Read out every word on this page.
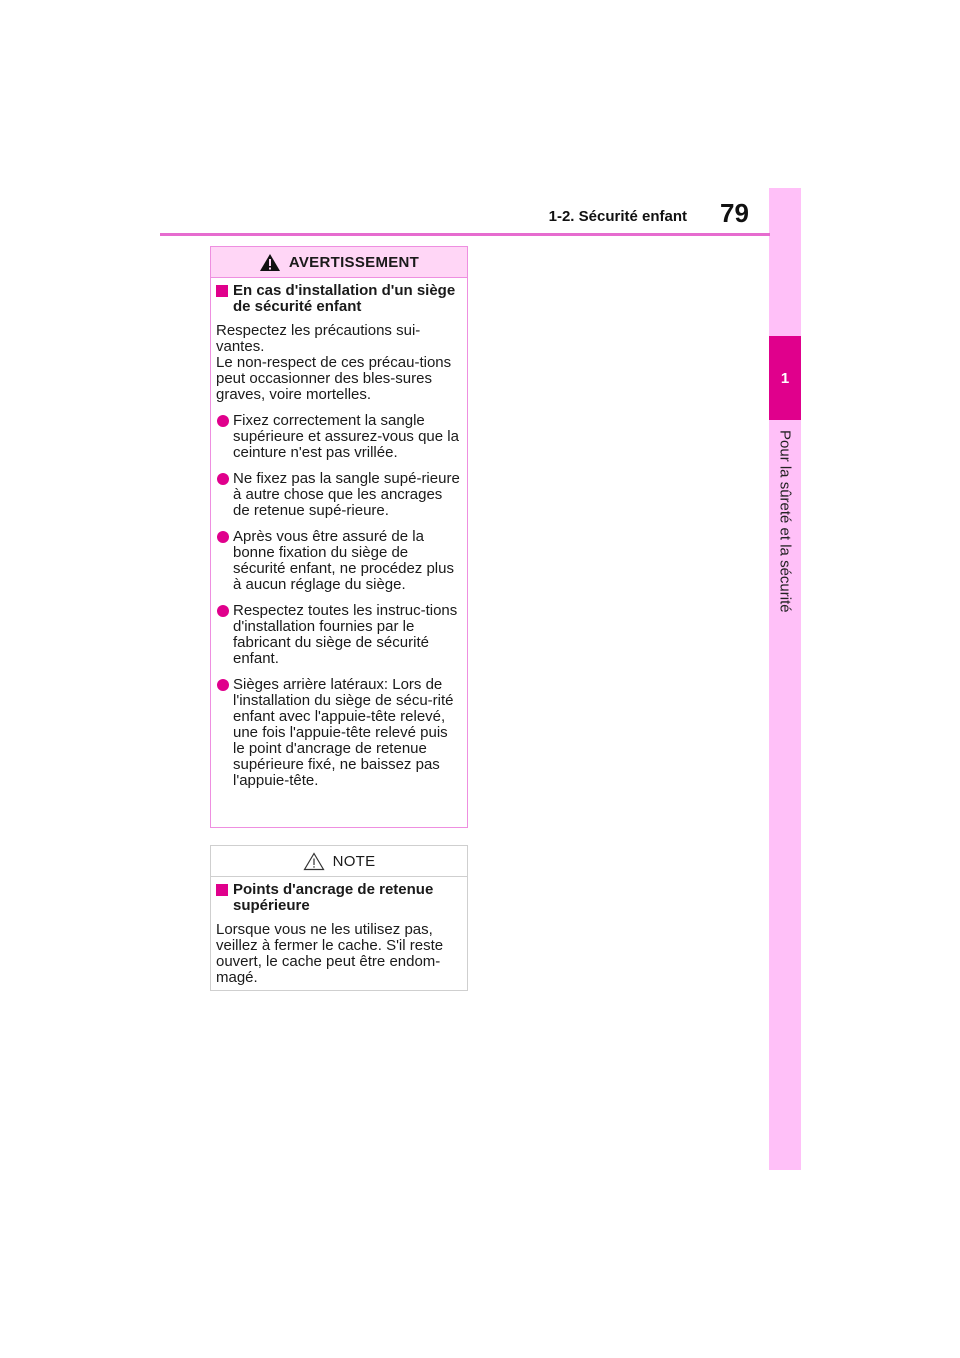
1
Pour la sûreté et la sécurité
1-2. Sécurité enfant 79
AVERTISSEMENT
En cas d'installation d'un siège de sécurité enfant
Respectez les précautions sui-vantes.
Le non-respect de ces précau-tions peut occasionner des bles-sures graves, voire mortelles.
Fixez correctement la sangle supérieure et assurez-vous que la ceinture n'est pas vrillée.
Ne fixez pas la sangle supé-rieure à autre chose que les ancrages de retenue supé-rieure.
Après vous être assuré de la bonne fixation du siège de sécurité enfant, ne procédez plus à aucun réglage du siège.
Respectez toutes les instruc-tions d'installation fournies par le fabricant du siège de sécurité enfant.
Sièges arrière latéraux: Lors de l'installation du siège de sécu-rité enfant avec l'appuie-tête relevé, une fois l'appuie-tête relevé puis le point d'ancrage de retenue supérieure fixé, ne baissez pas l'appuie-tête.
NOTE
Points d'ancrage de retenue supérieure
Lorsque vous ne les utilisez pas, veillez à fermer le cache. S'il reste ouvert, le cache peut être endom-magé.
